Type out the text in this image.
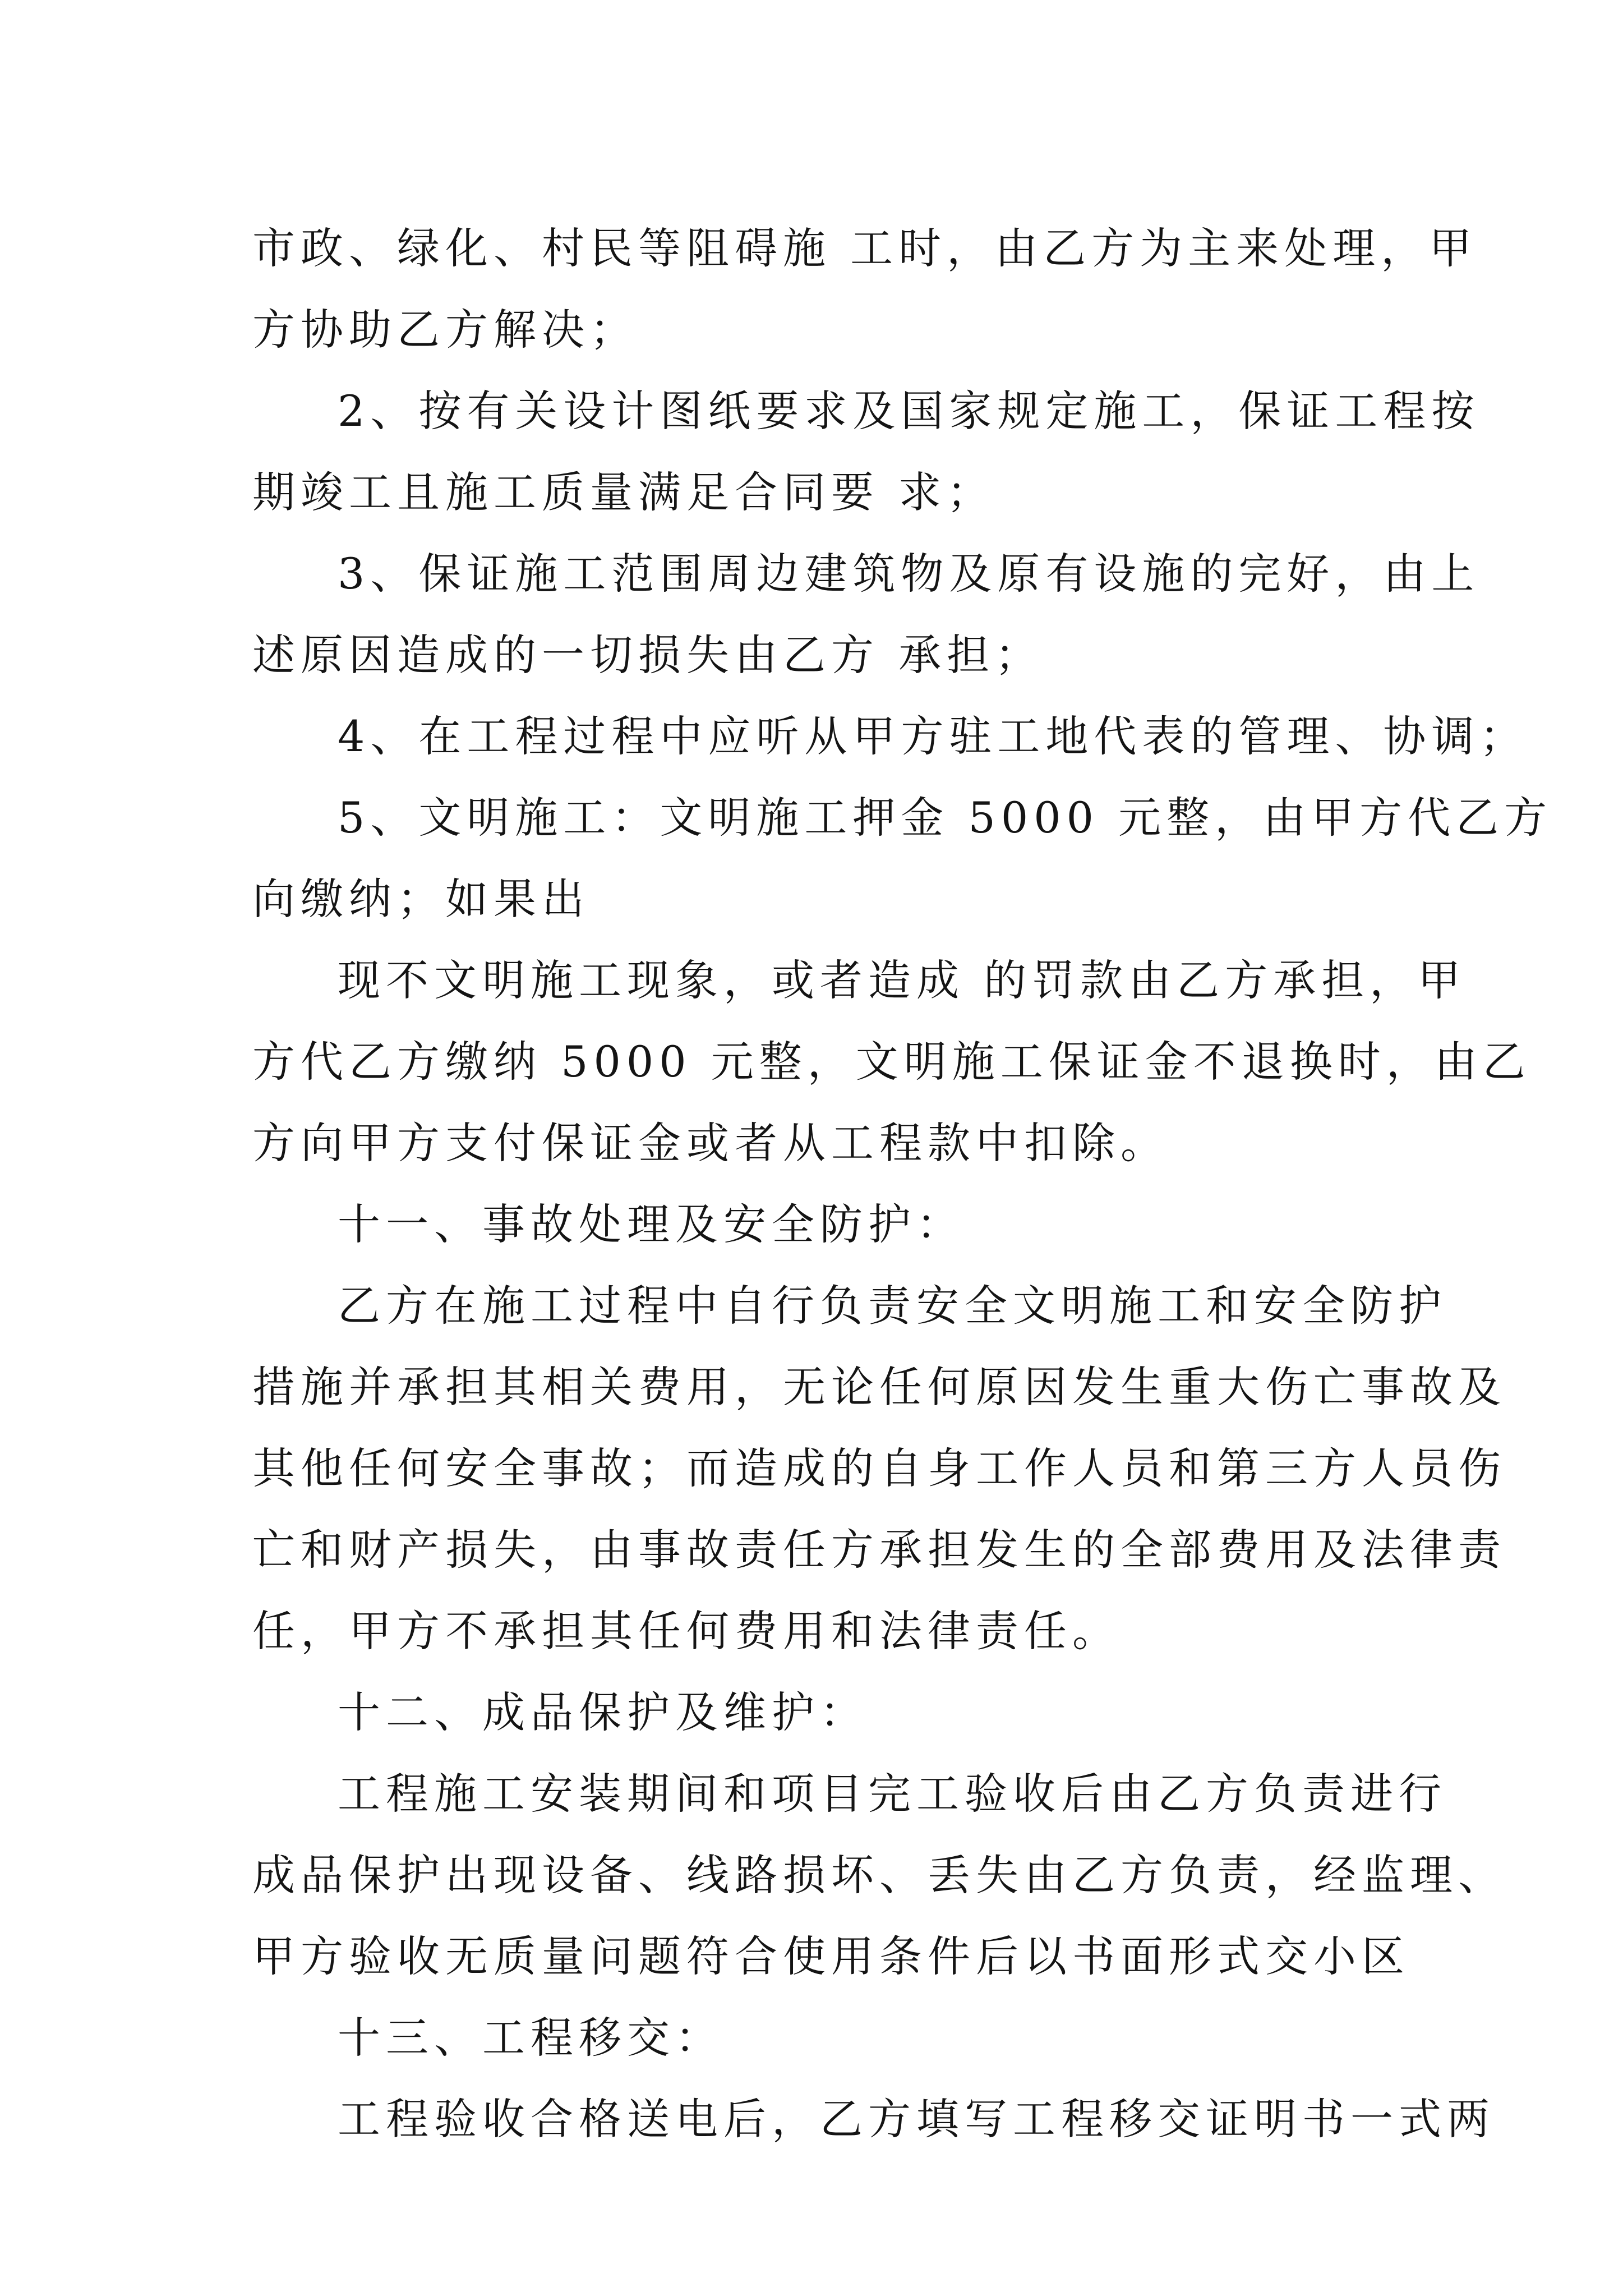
市政、绿化、村民等阻碍施 工时，由乙方为主来处理，甲
方协助乙方解决；
2、按有关设计图纸要求及国家规定施工，保证工程按
期竣工且施工质量满足合同要 求；
3、保证施工范围周边建筑物及原有设施的完好，由上
述原因造成的一切损失由乙方 承担；
4、在工程过程中应听从甲方驻工地代表的管理、协调；
5、文明施工：文明施工押金 5000 元整，由甲方代乙方
向缴纳；如果出
现不文明施工现象，或者造成 的罚款由乙方承担，甲
方代乙方缴纳 5000 元整，文明施工保证金不退换时，由乙
方向甲方支付保证金或者从工程款中扣除。
十一、事故处理及安全防护：
乙方在施工过程中自行负责安全文明施工和安全防护
措施并承担其相关费用，无论任何原因发生重大伤亡事故及
其他任何安全事故；而造成的自身工作人员和第三方人员伤
亡和财产损失，由事故责任方承担发生的全部费用及法律责
任，甲方不承担其任何费用和法律责任。
十二、成品保护及维护：
工程施工安装期间和项目完工验收后由乙方负责进行
成品保护出现设备、线路损坏、丢失由乙方负责，经监理、
甲方验收无质量问题符合使用条件后以书面形式交小区
十三、工程移交：
工程验收合格送电后，乙方填写工程移交证明书一式两
